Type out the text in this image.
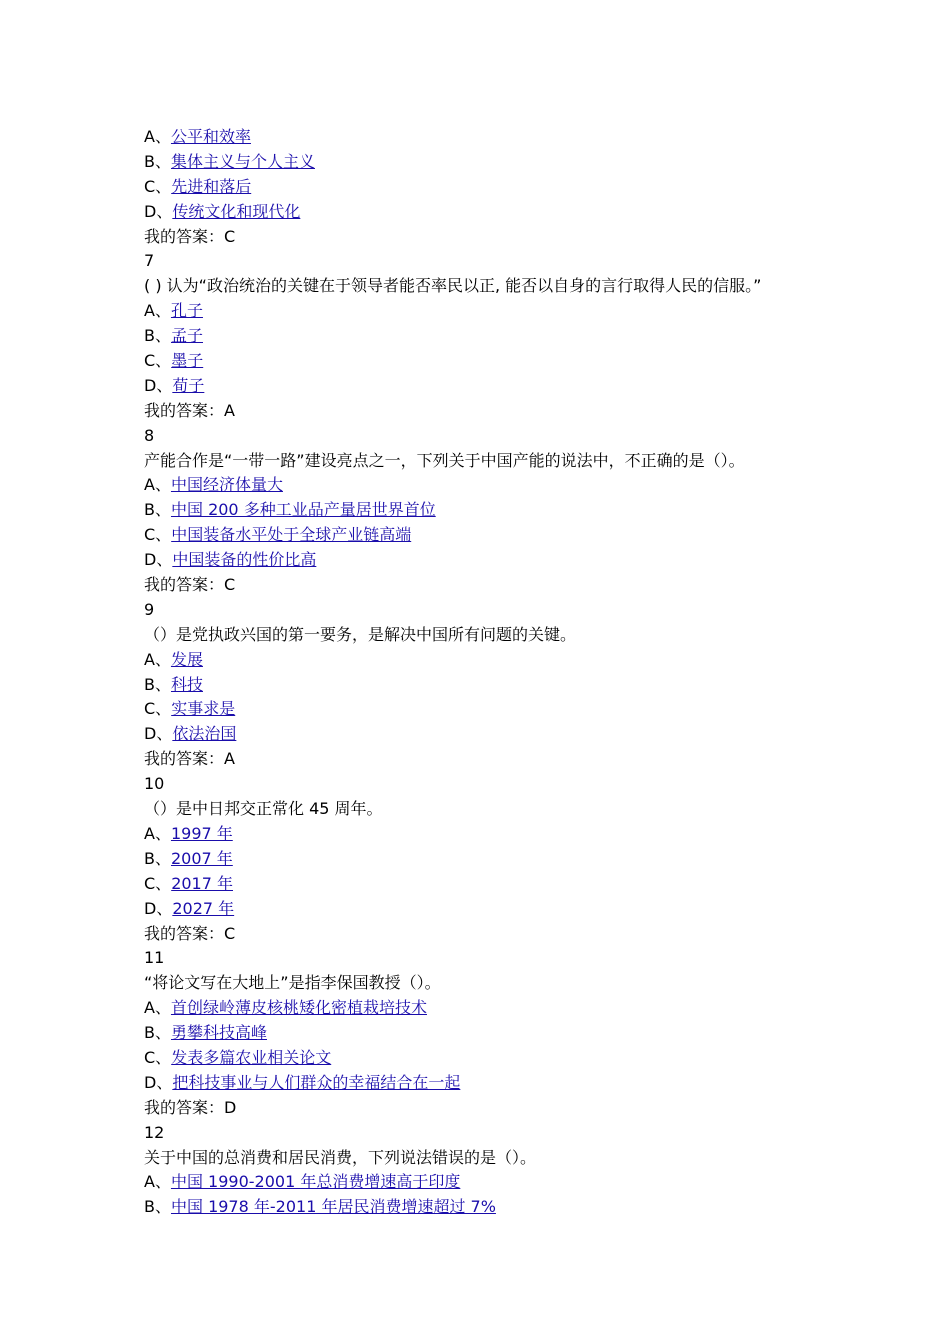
A、公平和效率
B、集体主义与个人主义
C、先进和落后
D、传统文化和现代化
我的答案：C
7
( ) 认为“政治统治的关键在于领导者能否率民以正, 能否以自身的言行取得人民的信服。”
A、孔子
B、孟子
C、墨子
D、荀子
我的答案：A
8
产能合作是“一带一路”建设亮点之一，下列关于中国产能的说法中，不正确的是（）。
A、中国经济体量大
B、中国 200 多种工业品产量居世界首位
C、中国装备水平处于全球产业链高端
D、中国装备的性价比高
我的答案：C
9
（）是党执政兴国的第一要务，是解决中国所有问题的关键。
A、发展
B、科技
C、实事求是
D、依法治国
我的答案：A
10
（）是中日邦交正常化 45 周年。
A、1997 年
B、2007 年
C、2017 年
D、2027 年
我的答案：C
11
“将论文写在大地上”是指李保国教授（）。
A、首创绿岭薄皮核桃矮化密植栽培技术
B、勇攀科技高峰
C、发表多篇农业相关论文
D、把科技事业与人们群众的幸福结合在一起
我的答案：D
12
关于中国的总消费和居民消费，下列说法错误的是（）。
A、中国 1990-2001 年总消费增速高于印度
B、中国 1978 年-2011 年居民消费增速超过 7%
